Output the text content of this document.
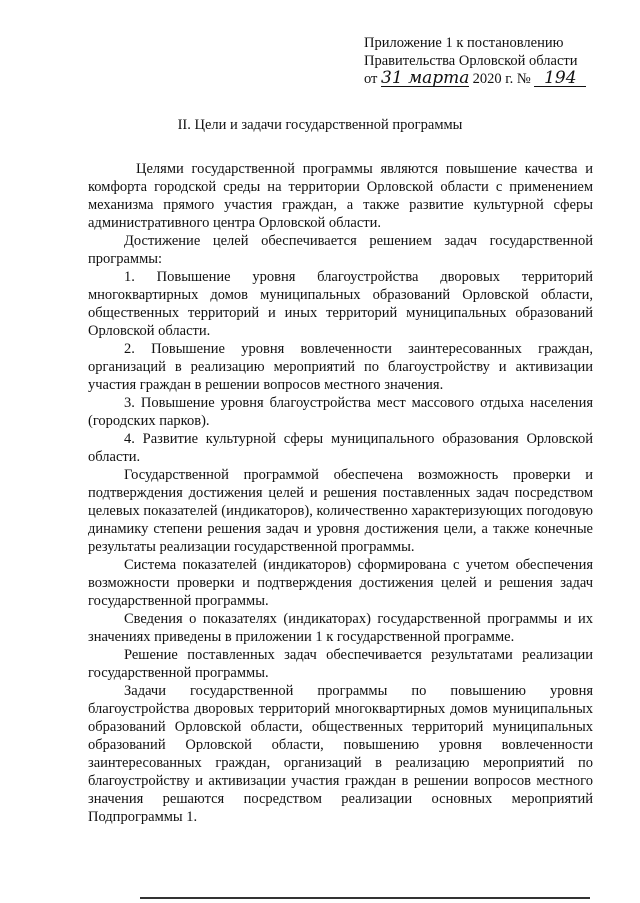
Приложение 1 к постановлению
Правительства Орловской области
от 31 марта 2020 г. № 194
II. Цели и задачи государственной программы

Целями государственной программы являются повышение качества и комфорта городской среды на территории Орловской области с применением механизма прямого участия граждан, а также развитие культурной сферы административного центра Орловской области.

Достижение целей обеспечивается решением задач государственной программы:

1. Повышение уровня благоустройства дворовых территорий многоквартирных домов муниципальных образований Орловской области, общественных территорий и иных территорий муниципальных образований Орловской области.

2. Повышение уровня вовлеченности заинтересованных граждан, организаций в реализацию мероприятий по благоустройству и активизации участия граждан в решении вопросов местного значения.

3. Повышение уровня благоустройства мест массового отдыха населения (городских парков).

4. Развитие культурной сферы муниципального образования Орловской области.

Государственной программой обеспечена возможность проверки и подтверждения достижения целей и решения поставленных задач посредством целевых показателей (индикаторов), количественно характеризующих погодовую динамику степени решения задач и уровня достижения цели, а также конечные результаты реализации государственной программы.

Система показателей (индикаторов) сформирована с учетом обеспечения возможности проверки и подтверждения достижения целей и решения задач государственной программы.

Сведения о показателях (индикаторах) государственной программы и их значениях приведены в приложении 1 к государственной программе.

Решение поставленных задач обеспечивается результатами реализации государственной программы.

Задачи государственной программы по повышению уровня благоустройства дворовых территорий многоквартирных домов муниципальных образований Орловской области, общественных территорий муниципальных образований Орловской области, повышению уровня вовлеченности заинтересованных граждан, организаций в реализацию мероприятий по благоустройству и активизации участия граждан в решении вопросов местного значения решаются посредством реализации основных мероприятий Подпрограммы 1.
